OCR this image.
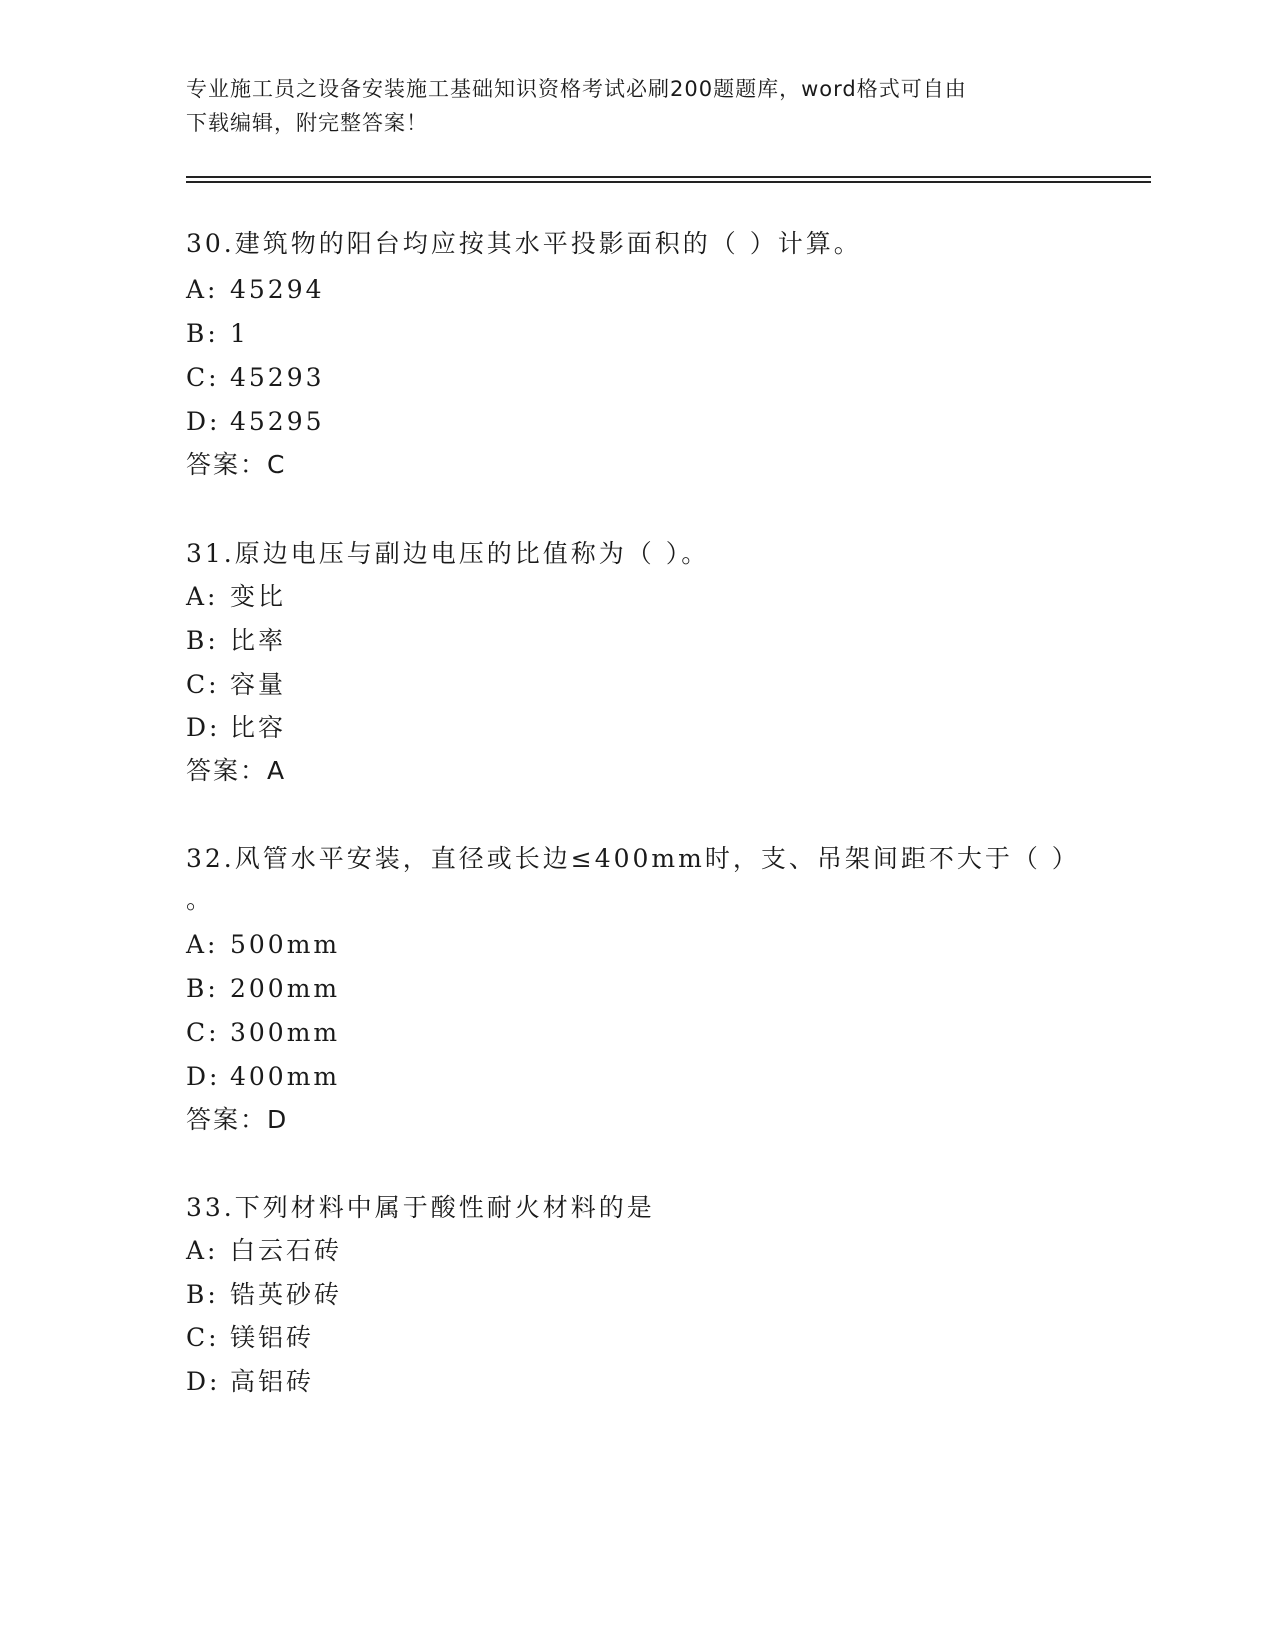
专业施工员之设备安装施工基础知识资格考试必刷200题题库，word格式可自由
下载编辑，附完整答案！
30.建筑物的阳台均应按其水平投影面积的（ ）计算。
A: 45294
B: 1
C: 45293
D: 45295
答案：C
31.原边电压与副边电压的比值称为（ ）。
A: 变比
B: 比率
C: 容量
D: 比容
答案：A
32.风管水平安装，直径或长边≤400mm时，支、吊架间距不大于（ ）
。
A: 500mm
B: 200mm
C: 300mm
D: 400mm
答案：D
33.下列材料中属于酸性耐火材料的是
A: 白云石砖
B: 锆英砂砖
C: 镁铝砖
D: 高铝砖
